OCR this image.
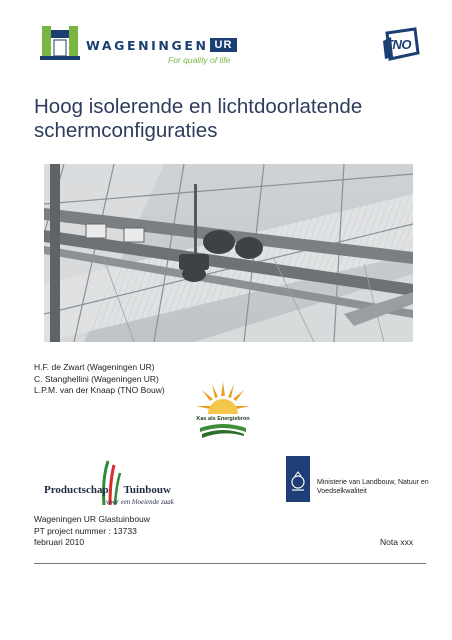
WAGENINGEN UR
For quality of life
TNO
Hoog isolerende en lichtdoorlatende
schermconfiguraties
H.F. de Zwart (Wageningen UR)
C. Stanghellini (Wageningen UR)
L.P.M. van der Knaap (TNO Bouw)
Kas als Energiebron
Productschap Tuinbouw
voor een bloeiende zaak
Ministerie van Landbouw, Natuur en
Voedselkwaliteit
Wageningen UR Glastuinbouw
PT project nummer : 13733
februari 2010	Nota xxx
